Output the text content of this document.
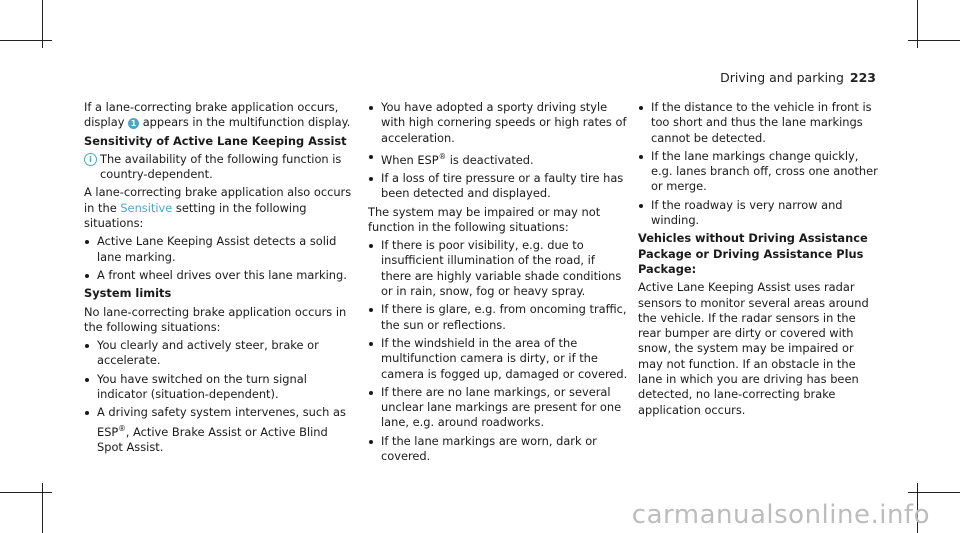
Driving and parking 223

If a lane-correcting brake application occurs, display 1 appears in the multifunction display.

Sensitivity of Active Lane Keeping Assist

i The availability of the following function is country-dependent.

A lane-correcting brake application also occurs in the Sensitive setting in the following situations:

Active Lane Keeping Assist detects a solid lane marking.
A front wheel drives over this lane marking.
System limits

No lane-correcting brake application occurs in the following situations:

You clearly and actively steer, brake or accelerate.
You have switched on the turn signal indicator (situation-dependent).
A driving safety system intervenes, such as ESP®, Active Brake Assist or Active Blind Spot Assist.
You have adopted a sporty driving style with high cornering speeds or high rates of acceleration.
When ESP® is deactivated.
If a loss of tire pressure or a faulty tire has been detected and displayed.

The system may be impaired or may not function in the following situations:

If there is poor visibility, e.g. due to insufficient illumination of the road, if there are highly variable shade conditions or in rain, snow, fog or heavy spray.
If there is glare, e.g. from oncoming traffic, the sun or reflections.
If the windshield in the area of the multifunction camera is dirty, or if the camera is fogged up, damaged or covered.
If there are no lane markings, or several unclear lane markings are present for one lane, e.g. around roadworks.
If the lane markings are worn, dark or covered.
If the distance to the vehicle in front is too short and thus the lane markings cannot be detected.
If the lane markings change quickly, e.g. lanes branch off, cross one another or merge.
If the roadway is very narrow and winding.
Vehicles without Driving Assistance Package or Driving Assistance Plus Package:

Active Lane Keeping Assist uses radar sensors to monitor several areas around the vehicle. If the radar sensors in the rear bumper are dirty or covered with snow, the system may be impaired or may not function. If an obstacle in the lane in which you are driving has been detected, no lane-correcting brake application occurs.

carmanualsonline.info
